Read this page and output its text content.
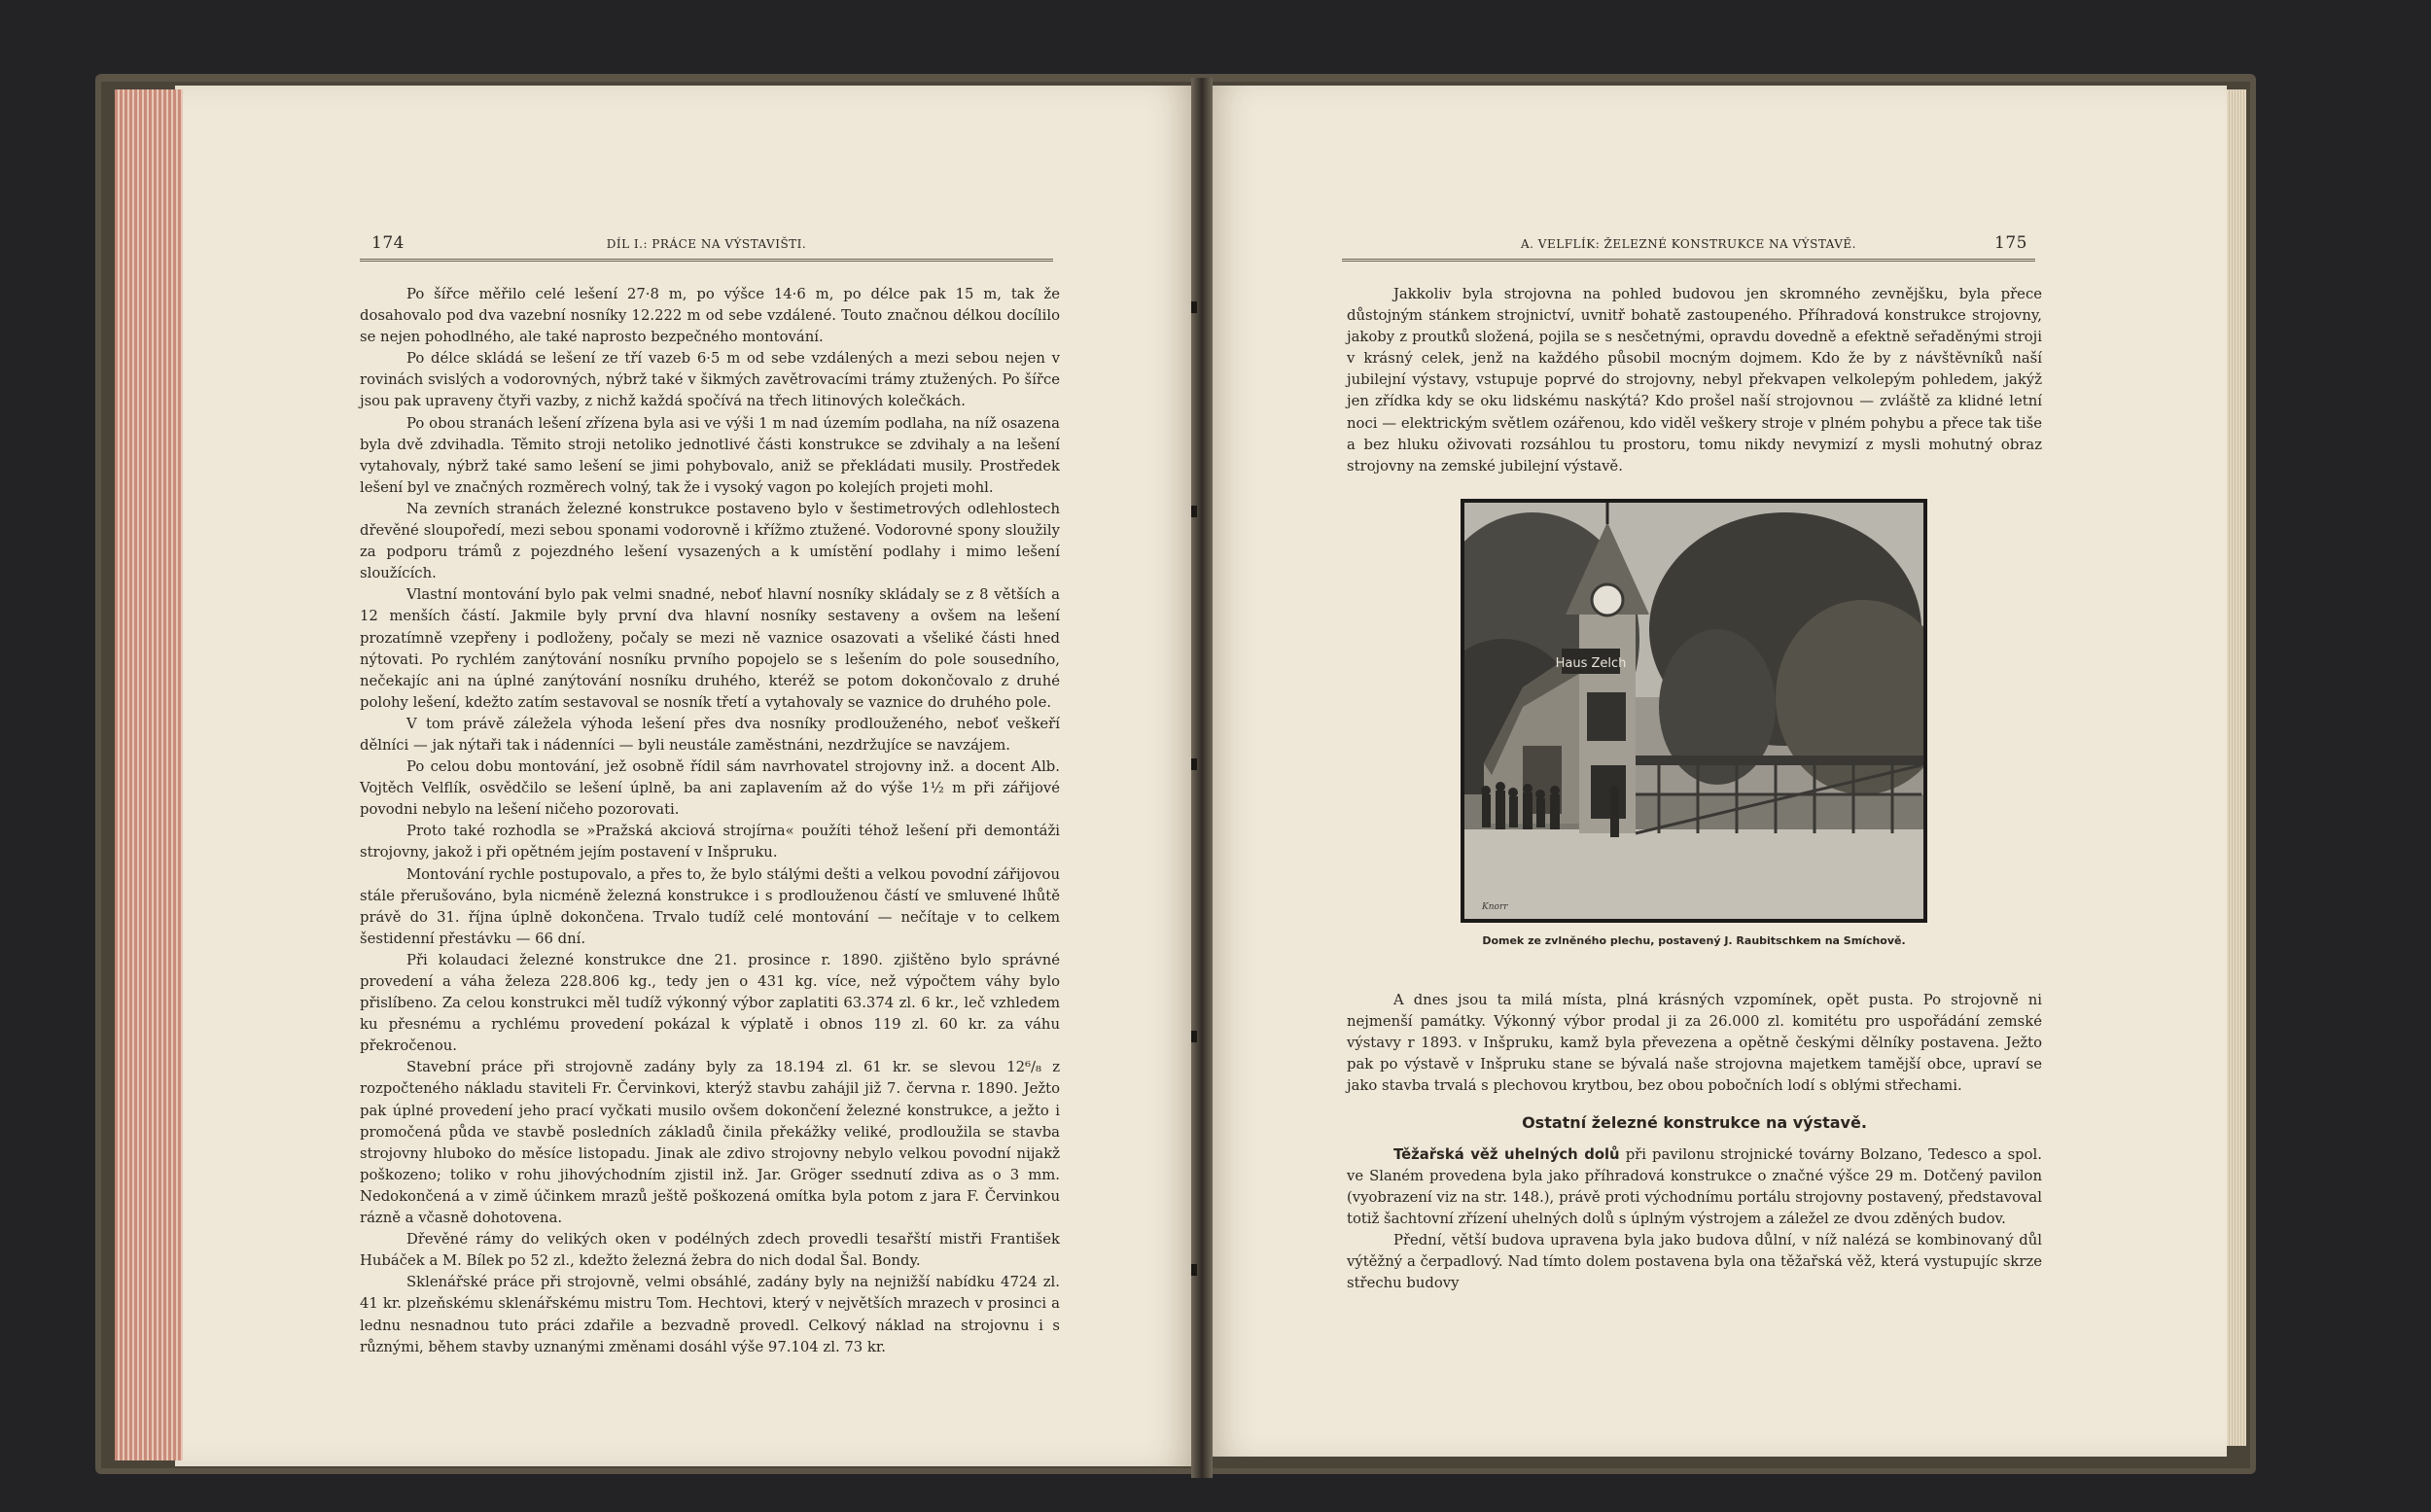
174	DÍL I.: PRÁCE NA VÝSTAVIŠTI.

Po šířce měřilo celé lešení 27·8 m, po výšce 14·6 m, po délce pak 15 m, tak že dosahovalo pod dva vazební nosníky 12.222 m od sebe vzdálené. Touto značnou délkou docílilo se nejen pohodlného, ale také naprosto bezpečného montování.

Po délce skládá se lešení ze tří vazeb 6·5 m od sebe vzdálených a mezi sebou nejen v rovinách svislých a vodorovných, nýbrž také v šikmých zavětrovacími trámy ztužených. Po šířce jsou pak upraveny čtyři vazby, z nichž každá spočívá na třech litinových kolečkách.

Po obou stranách lešení zřízena byla asi ve výši 1 m nad územím podlaha, na níž osazena byla dvě zdvihadla. Těmito stroji netoliko jednotlivé části konstrukce se zdvihaly a na lešení vytahovaly, nýbrž také samo lešení se jimi pohybovalo, aniž se překládati musily. Prostředek lešení byl ve značných rozměrech volný, tak že i vysoký vagon po kolejích projeti mohl.

Na zevních stranách železné konstrukce postaveno bylo v šestimetrových odlehlostech dřevěné sloupoředí, mezi sebou sponami vodorovně i křížmo ztužené. Vodorovné spony sloužily za podporu trámů z pojezdného lešení vysazených a k umístění podlahy i mimo lešení sloužících.

Vlastní montování bylo pak velmi snadné, neboť hlavní nosníky skládaly se z 8 větších a 12 menších částí. Jakmile byly první dva hlavní nosníky sestaveny a ovšem na lešení prozatímně vzepřeny i podloženy, počaly se mezi ně vaznice osazovati a všeliké části hned nýtovati. Po rychlém zanýtování nosníku prvního popojelo se s lešením do pole sousedního, nečekajíc ani na úplné zanýtování nosníku druhého, kteréž se potom dokončovalo z druhé polohy lešení, kdežto zatím sestavoval se nosník třetí a vytahovaly se vaznice do druhého pole.

V tom právě záležela výhoda lešení přes dva nosníky prodlouženého, neboť veškeří dělníci — jak nýtaři tak i nádenníci — byli neustále zaměstnáni, nezdržujíce se navzájem.

Po celou dobu montování, jež osobně řídil sám navrhovatel strojovny inž. a docent Alb. Vojtěch Velflík, osvědčilo se lešení úplně, ba ani zaplavením až do výše 1½ m při zářijové povodni nebylo na lešení ničeho pozorovati.

Proto také rozhodla se »Pražská akciová strojírna« použíti téhož lešení při demontáži strojovny, jakož i při opětném jejím postavení v Inšpruku.

Montování rychle postupovalo, a přes to, že bylo stálými dešti a velkou povodní zářijovou stále přerušováno, byla nicméně železná konstrukce i s prodlouženou částí ve smluvené lhůtě právě do 31. října úplně dokončena. Trvalo tudíž celé montování — nečítaje v to celkem šestidenní přestávku — 66 dní.

Při kolaudaci železné konstrukce dne 21. prosince r. 1890. zjištěno bylo správné provedení a váha železa 228.806 kg., tedy jen o 431 kg. více, než výpočtem váhy bylo přislíbeno. Za celou konstrukci měl tudíž výkonný výbor zaplatiti 63.374 zl. 6 kr., leč vzhledem ku přesnému a rychlému provedení pokázal k výplatě i obnos 119 zl. 60 kr. za váhu překročenou.

Stavební práce při strojovně zadány byly za 18.194 zl. 61 kr. se slevou 12⁶/₈ z rozpočteného nákladu staviteli Fr. Červinkovi, kterýž stavbu zahájil již 7. června r. 1890. Ježto pak úplné provedení jeho prací vyčkati musilo ovšem dokončení železné konstrukce, a ježto i promočená půda ve stavbě posledních základů činila překážky veliké, prodloužila se stavba strojovny hluboko do měsíce listopadu. Jinak ale zdivo strojovny nebylo velkou povodní nijakž poškozeno; toliko v rohu jihovýchodním zjistil inž. Jar. Gröger ssednutí zdiva as o 3 mm. Nedokončená a v zimě účinkem mrazů ještě poškozená omítka byla potom z jara F. Červinkou rázně a včasně dohotovena.

Dřevěné rámy do velikých oken v podélných zdech provedli tesařští mistři František Hubáček a M. Bílek po 52 zl., kdežto železná žebra do nich dodal Šal. Bondy.

Sklenářské práce při strojovně, velmi obsáhlé, zadány byly na nejnižší nabídku 4724 zl. 41 kr. plzeňskému sklenářskému mistru Tom. Hechtovi, který v největších mrazech v prosinci a lednu nesnadnou tuto práci zdařile a bezvadně provedl. Celkový náklad na strojovnu i s různými, během stavby uznanými změnami dosáhl výše 97.104 zl. 73 kr.

A. VELFLÍK: ŽELEZNÉ KONSTRUKCE NA VÝSTAVĚ.	175

Jakkoliv byla strojovna na pohled budovou jen skromného zevnějšku, byla přece důstojným stánkem strojnictví, uvnitř bohatě zastoupeného. Příhradová konstrukce strojovny, jakoby z proutků složená, pojila se s nesčetnými, opravdu dovedně a efektně seřaděnými stroji v krásný celek, jenž na každého působil mocným dojmem. Kdo že by z návštěvníků naší jubilejní výstavy, vstupuje poprvé do strojovny, nebyl překvapen velkolepým pohledem, jakýž jen zřídka kdy se oku lidskému naskýtá? Kdo prošel naší strojovnou — zvláště za klidné letní noci — elektrickým světlem ozářenou, kdo viděl veškery stroje v plném pohybu a přece tak tiše a bez hluku oživovati rozsáhlou tu prostoru, tomu nikdy nevymizí z mysli mohutný obraz strojovny na zemské jubilejní výstavě.

Haus Zelch
Knorr
Domek ze zvlněného plechu, postavený J. Raubitschkem na Smíchově.

A dnes jsou ta milá místa, plná krásných vzpomínek, opět pusta. Po strojovně ni nejmenší památky. Výkonný výbor prodal ji za 26.000 zl. komitétu pro uspořádání zemské výstavy r 1893. v Inšpruku, kamž byla převezena a opětně českými dělníky postavena. Ježto pak po výstavě v Inšpruku stane se bývalá naše strojovna majetkem tamější obce, upraví se jako stavba trvalá s plechovou krytbou, bez obou pobočních lodí s oblými střechami.

Ostatní železné konstrukce na výstavě.

Těžařská věž uhelných dolů při pavilonu strojnické továrny Bolzano, Tedesco a spol. ve Slaném provedena byla jako příhradová konstrukce o značné výšce 29 m. Dotčený pavilon (vyobrazení viz na str. 148.), právě proti východnímu portálu strojovny postavený, představoval totiž šachtovní zřízení uhelných dolů s úplným výstrojem a záležel ze dvou zděných budov.

Přední, větší budova upravena byla jako budova důlní, v níž nalézá se kombinovaný důl výtěžný a čerpadlový. Nad tímto dolem postavena byla ona těžařská věž, která vystupujíc skrze střechu budovy
